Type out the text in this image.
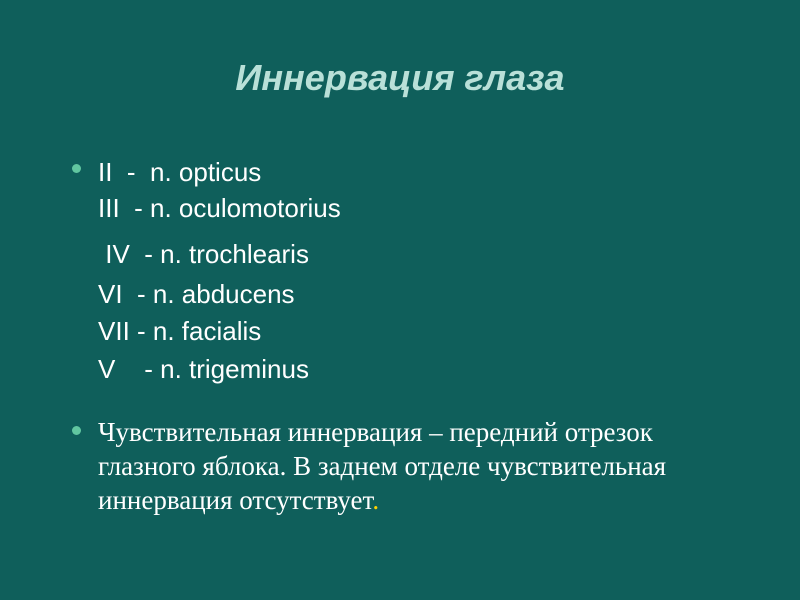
Иннервация глаза
II  -  n. opticus
III  - n. oculomotorius
IV  - n. trochlearis
VI  - n. abducens
VII - n. facialis
V    - n. trigeminus
Чувствительная иннервация – передний отрезок глазного яблока. В заднем отделе чувствительная иннервация отсутствует.
